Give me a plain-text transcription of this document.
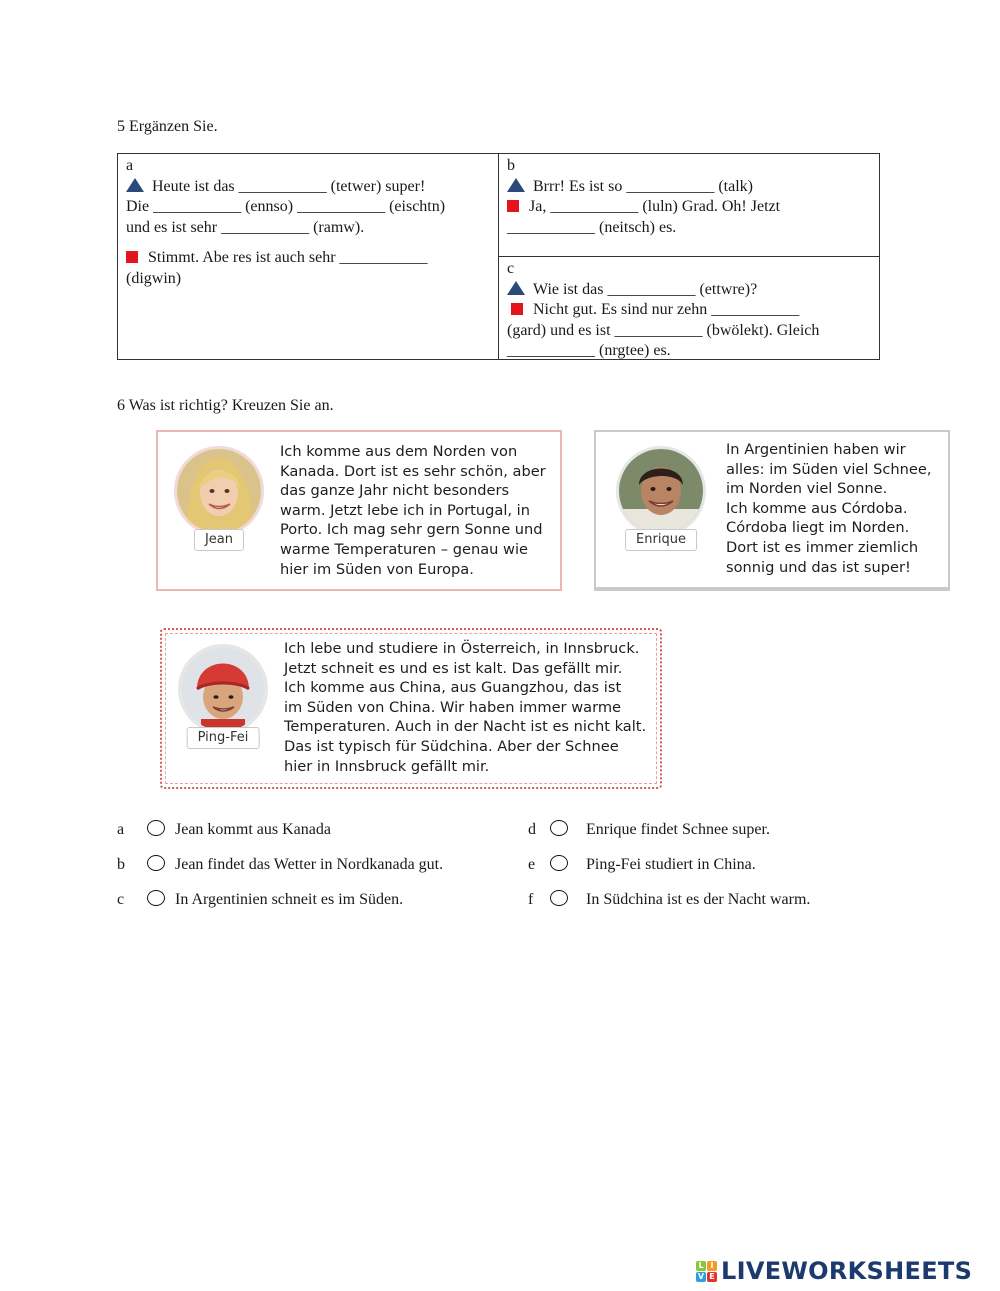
5 Ergänzen Sie.
a
Heute ist das ___________ (tetwer) super!
Die ___________ (ennso) ___________ (eischtn)
und es ist sehr ___________ (ramw).
Stimmt. Abe res ist auch sehr ___________
(digwin)
b
Brrr! Es ist so ___________ (talk)
Ja, ___________ (luln) Grad. Oh! Jetzt
___________ (neitsch) es.
c
Wie ist das ___________ (ettwre)?
Nicht gut. Es sind nur zehn ___________
(gard) und es ist ___________ (bwölekt). Gleich
___________ (nrgtee) es.
6 Was ist richtig? Kreuzen Sie an.
Jean
Ich komme aus dem Norden von
Kanada. Dort ist es sehr schön, aber
das ganze Jahr nicht besonders
warm. Jetzt lebe ich in Portugal, in
Porto. Ich mag sehr gern Sonne und
warme Temperaturen – genau wie
hier im Süden von Europa.
Enrique
In Argentinien haben wir
alles: im Süden viel Schnee,
im Norden viel Sonne.
Ich komme aus Córdoba.
Córdoba liegt im Norden.
Dort ist es immer ziemlich
sonnig und das ist super!
Ping-Fei
Ich lebe und studiere in Österreich, in Innsbruck.
Jetzt schneit es und es ist kalt. Das gefällt mir.
Ich komme aus China, aus Guangzhou, das ist
im Süden von China. Wir haben immer warme
Temperaturen. Auch in der Nacht ist es nicht kalt.
Das ist typisch für Südchina. Aber der Schnee
hier in Innsbruck gefällt mir.
a	Jean kommt aus Kanada
b	Jean findet das Wetter in Nordkanada gut.
c	In Argentinien schneit es im Süden.
d	Enrique findet Schnee super.
e	Ping-Fei studiert in China.
f	In Südchina ist es der Nacht warm.
L I
V E LIVEWORKSHEETS
